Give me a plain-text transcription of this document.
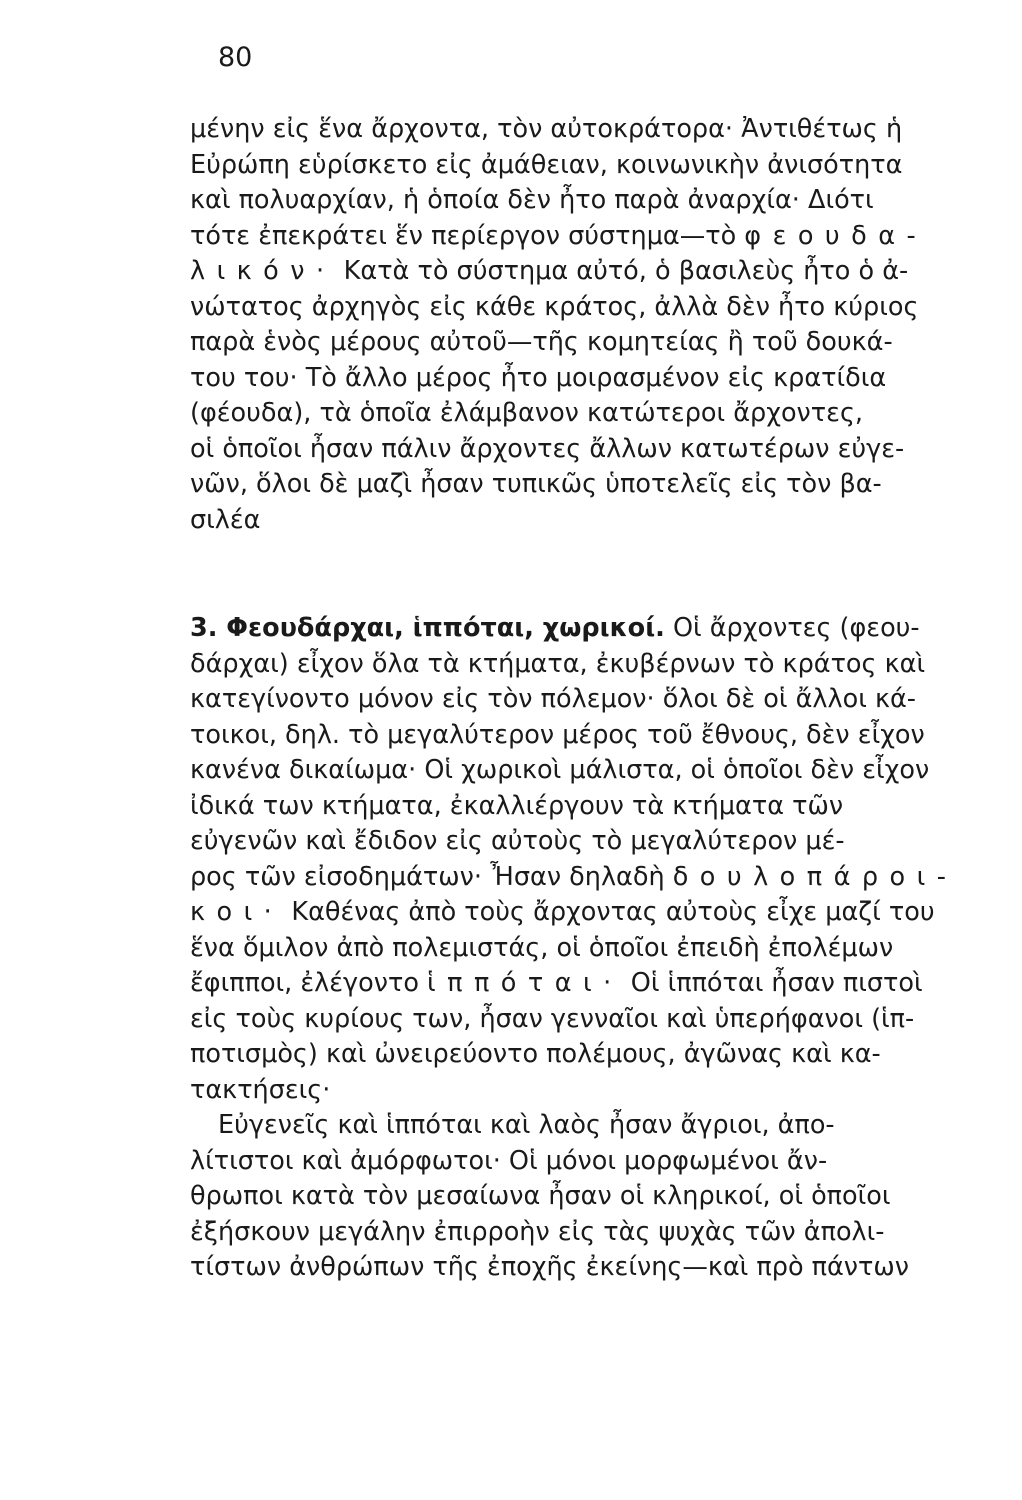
80
μένην εἰς ἕνα ἄρχοντα, τὸν αὐτοκράτορα· Ἀντιθέτως ἡ
Εὐρώπη εὑρίσκετο εἰς ἀμάθειαν, κοινωνικὴν ἀνισότητα
καὶ πολυαρχίαν, ἡ ὁποία δὲν ἦτο παρὰ ἀναρχία· Διότι
τότε ἐπεκράτει ἕν περίεργον σύστημα—τὸ φεουδα-
λικόν· Κατὰ τὸ σύστημα αὐτό, ὁ βασιλεὺς ἦτο ὁ ἀ-
νώτατος ἀρχηγὸς εἰς κάθε κράτος, ἀλλὰ δὲν ἦτο κύριος
παρὰ ἑνὸς μέρους αὐτοῦ—τῆς κομητείας ἢ τοῦ δουκά-
του του· Τὸ ἄλλο μέρος ἦτο μοιρασμένον εἰς κρατίδια
(φέουδα), τὰ ὁποῖα ἐλάμβανον κατώτεροι ἄρχοντες,
οἱ ὁποῖοι ἦσαν πάλιν ἄρχοντες ἄλλων κατωτέρων εὐγε-
νῶν, ὅλοι δὲ μαζὶ ἦσαν τυπικῶς ὑποτελεῖς εἰς τὸν βα-
σιλέα
3. Φεουδάρχαι, ἱππόται, χωρικοί. Οἱ ἄρχοντες (φεου-
δάρχαι) εἶχον ὅλα τὰ κτήματα, ἐκυβέρνων τὸ κράτος καὶ
κατεγίνοντο μόνον εἰς τὸν πόλεμον· ὅλοι δὲ οἱ ἄλλοι κά-
τοικοι, δηλ. τὸ μεγαλύτερον μέρος τοῦ ἔθνους, δὲν εἶχον
κανένα δικαίωμα· Οἱ χωρικοὶ μάλιστα, οἱ ὁποῖοι δὲν εἶχον
ἰδικά των κτήματα, ἐκαλλιέργουν τὰ κτήματα τῶν
εὐγενῶν καὶ ἔδιδον εἰς αὐτοὺς τὸ μεγαλύτερον μέ-
ρος τῶν εἰσοδημάτων· Ἦσαν δηλαδὴ δουλοπάροι-
κοι· Καθένας ἀπὸ τοὺς ἄρχοντας αὐτοὺς εἶχε μαζί του
ἕνα ὅμιλον ἀπὸ πολεμιστάς, οἱ ὁποῖοι ἐπειδὴ ἐπολέμων
ἔφιπποι, ἐλέγοντο ἱππόται· Οἱ ἱππόται ἦσαν πιστοὶ
εἰς τοὺς κυρίους των, ἦσαν γενναῖοι καὶ ὑπερήφανοι (ἱπ-
ποτισμὸς) καὶ ὠνειρεύοντο πολέμους, ἀγῶνας καὶ κα-
τακτήσεις·
Εὐγενεῖς καὶ ἱππόται καὶ λαὸς ἦσαν ἄγριοι, ἀπο-
λίτιστοι καὶ ἀμόρφωτοι· Οἱ μόνοι μορφωμένοι ἄν-
θρωποι κατὰ τὸν μεσαίωνα ἦσαν οἱ κληρικοί, οἱ ὁποῖοι
ἐξήσκουν μεγάλην ἐπιρροὴν εἰς τὰς ψυχὰς τῶν ἀπολι-
τίστων ἀνθρώπων τῆς ἐποχῆς ἐκείνης—καὶ πρὸ πάντων
